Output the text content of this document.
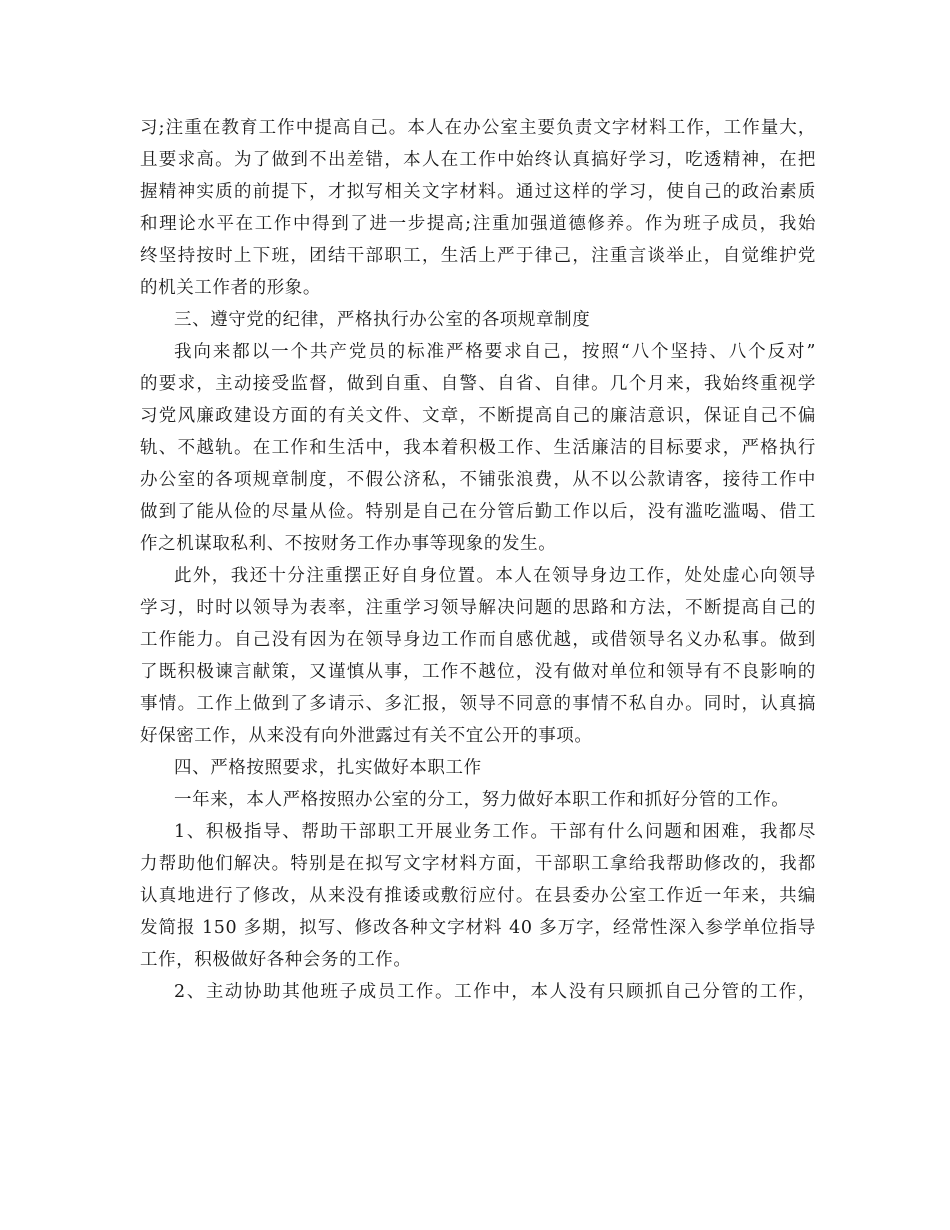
习;注重在教育工作中提高自己。本人在办公室主要负责文字材料工作，工作量大，
且要求高。为了做到不出差错，本人在工作中始终认真搞好学习，吃透精神，在把
握精神实质的前提下，才拟写相关文字材料。通过这样的学习，使自己的政治素质
和理论水平在工作中得到了进一步提高;注重加强道德修养。作为班子成员，我始
终坚持按时上下班，团结干部职工，生活上严于律己，注重言谈举止，自觉维护党
的机关工作者的形象。
三、遵守党的纪律，严格执行办公室的各项规章制度
我向来都以一个共产党员的标准严格要求自己，按照“八个坚持、八个反对”
的要求，主动接受监督，做到自重、自警、自省、自律。几个月来，我始终重视学
习党风廉政建设方面的有关文件、文章，不断提高自己的廉洁意识，保证自己不偏
轨、不越轨。在工作和生活中，我本着积极工作、生活廉洁的目标要求，严格执行
办公室的各项规章制度，不假公济私，不铺张浪费，从不以公款请客，接待工作中
做到了能从俭的尽量从俭。特别是自己在分管后勤工作以后，没有滥吃滥喝、借工
作之机谋取私利、不按财务工作办事等现象的发生。
此外，我还十分注重摆正好自身位置。本人在领导身边工作，处处虚心向领导
学习，时时以领导为表率，注重学习领导解决问题的思路和方法，不断提高自己的
工作能力。自己没有因为在领导身边工作而自感优越，或借领导名义办私事。做到
了既积极谏言献策，又谨慎从事，工作不越位，没有做对单位和领导有不良影响的
事情。工作上做到了多请示、多汇报，领导不同意的事情不私自办。同时，认真搞
好保密工作，从来没有向外泄露过有关不宜公开的事项。
四、严格按照要求，扎实做好本职工作
一年来，本人严格按照办公室的分工，努力做好本职工作和抓好分管的工作。
1、积极指导、帮助干部职工开展业务工作。干部有什么问题和困难，我都尽
力帮助他们解决。特别是在拟写文字材料方面，干部职工拿给我帮助修改的，我都
认真地进行了修改，从来没有推诿或敷衍应付。在县委办公室工作近一年来，共编
发简报 150 多期，拟写、修改各种文字材料 40 多万字，经常性深入参学单位指导
工作，积极做好各种会务的工作。
2、主动协助其他班子成员工作。工作中，本人没有只顾抓自己分管的工作，
